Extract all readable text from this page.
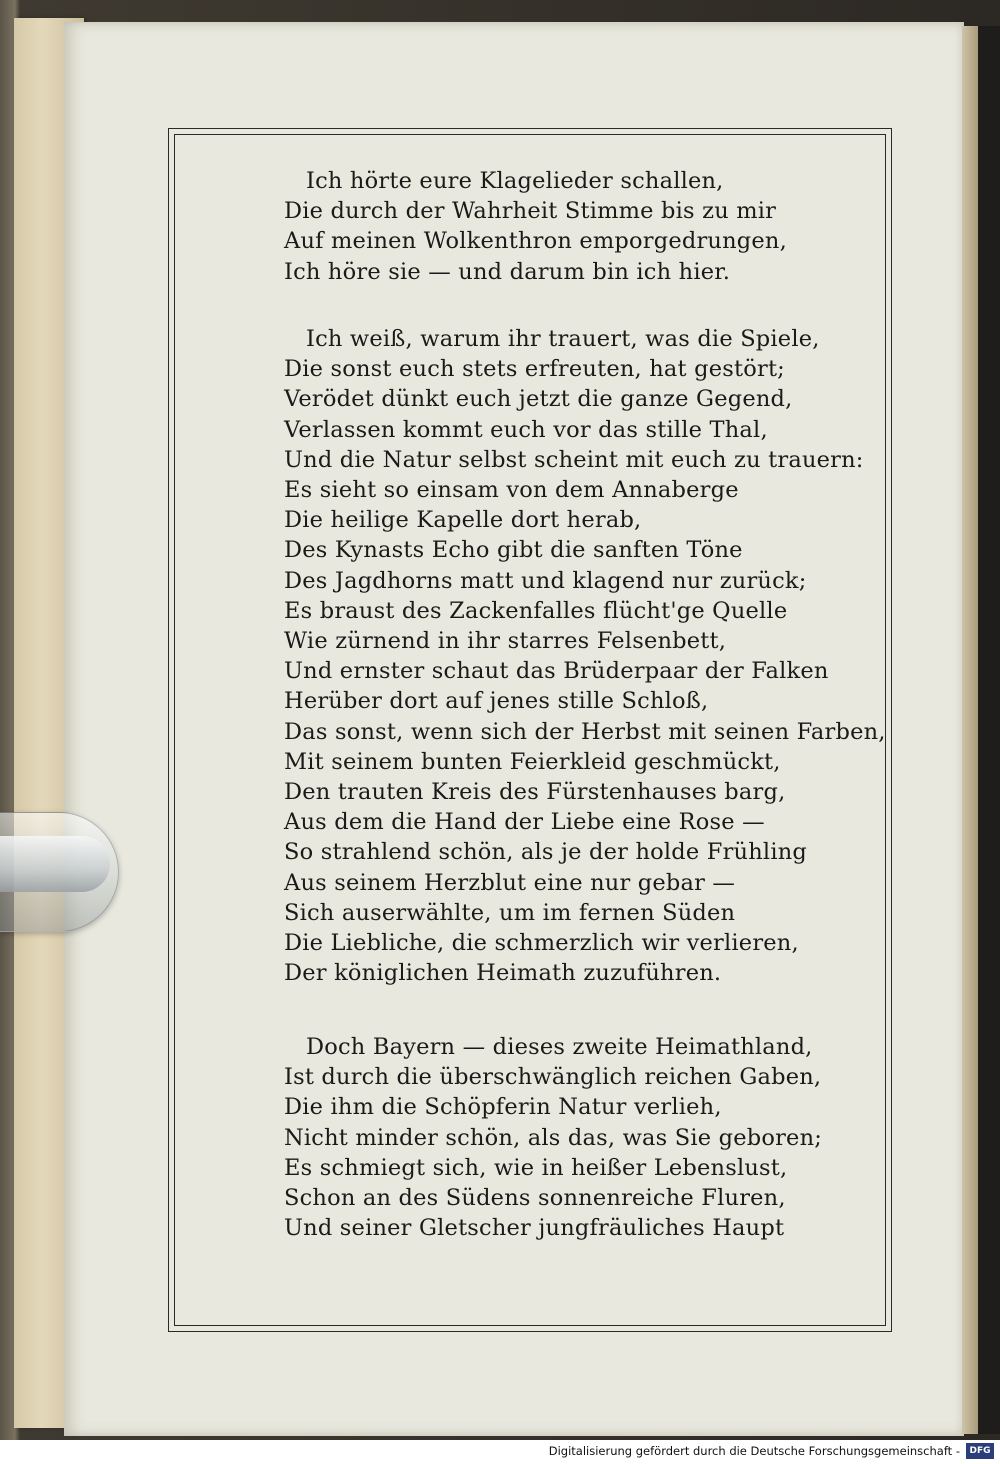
Ich hörte eure Klagelieder schallen,
Die durch der Wahrheit Stimme bis zu mir
Auf meinen Wolkenthron emporgedrungen,
Ich höre sie — und darum bin ich hier.
Ich weiß, warum ihr trauert, was die Spiele,
Die sonst euch stets erfreuten, hat gestört;
Verödet dünkt euch jetzt die ganze Gegend,
Verlassen kommt euch vor das stille Thal,
Und die Natur selbst scheint mit euch zu trauern:
Es sieht so einsam von dem Annaberge
Die heilige Kapelle dort herab,
Des Kynasts Echo gibt die sanften Töne
Des Jagdhorns matt und klagend nur zurück;
Es braust des Zackenfalles flücht'ge Quelle
Wie zürnend in ihr starres Felsenbett,
Und ernster schaut das Brüderpaar der Falken
Herüber dort auf jenes stille Schloß,
Das sonst, wenn sich der Herbst mit seinen Farben,
Mit seinem bunten Feierkleid geschmückt,
Den trauten Kreis des Fürstenhauses barg,
Aus dem die Hand der Liebe eine Rose —
So strahlend schön, als je der holde Frühling
Aus seinem Herzblut eine nur gebar —
Sich auserwählte, um im fernen Süden
Die Liebliche, die schmerzlich wir verlieren,
Der königlichen Heimath zuzuführen.
Doch Bayern — dieses zweite Heimathland,
Ist durch die überschwänglich reichen Gaben,
Die ihm die Schöpferin Natur verlieh,
Nicht minder schön, als das, was Sie geboren;
Es schmiegt sich, wie in heißer Lebenslust,
Schon an des Südens sonnenreiche Fluren,
Und seiner Gletscher jungfräuliches Haupt
Digitalisierung gefördert durch die Deutsche Forschungsgemeinschaft -	DFG
